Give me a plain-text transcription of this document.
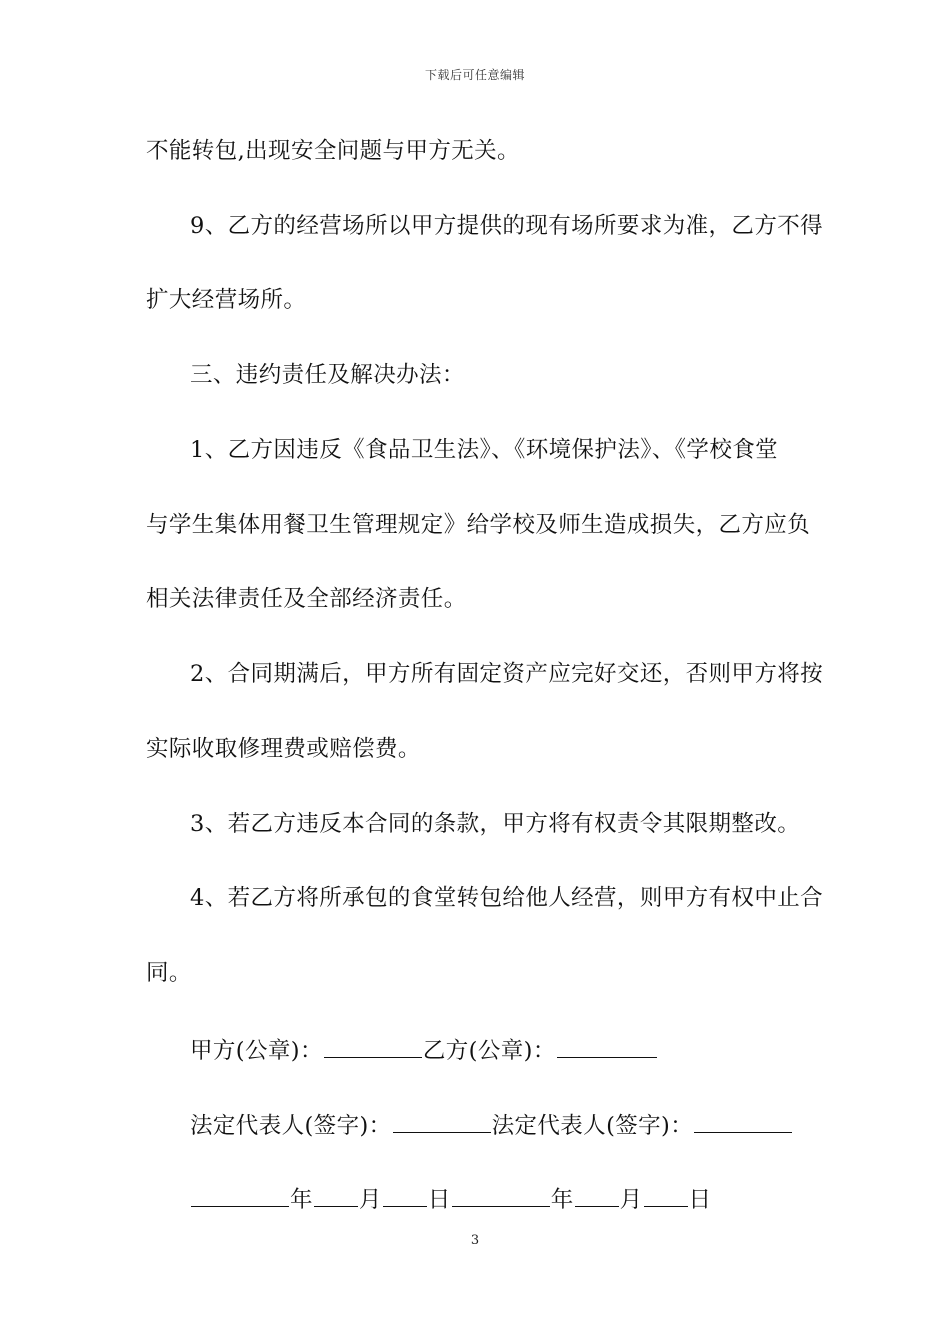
下载后可任意编辑
不能转包,出现安全问题与甲方无关。
9、乙方的经营场所以甲方提供的现有场所要求为准，乙方不得
扩大经营场所。
三、违约责任及解决办法：
1、乙方因违反《食品卫生法》、《环境保护法》、《学校食堂
与学生集体用餐卫生管理规定》给学校及师生造成损失，乙方应负
相关法律责任及全部经济责任。
2、合同期满后，甲方所有固定资产应完好交还，否则甲方将按
实际收取修理费或赔偿费。
3、若乙方违反本合同的条款，甲方将有权责令其限期整改。
4、若乙方将所承包的食堂转包给他人经营，则甲方有权中止合
同。
甲方(公章)：	乙方(公章)：
法定代表人(签字)：	法定代表人(签字)：
年 月 日	年 月 日
3
